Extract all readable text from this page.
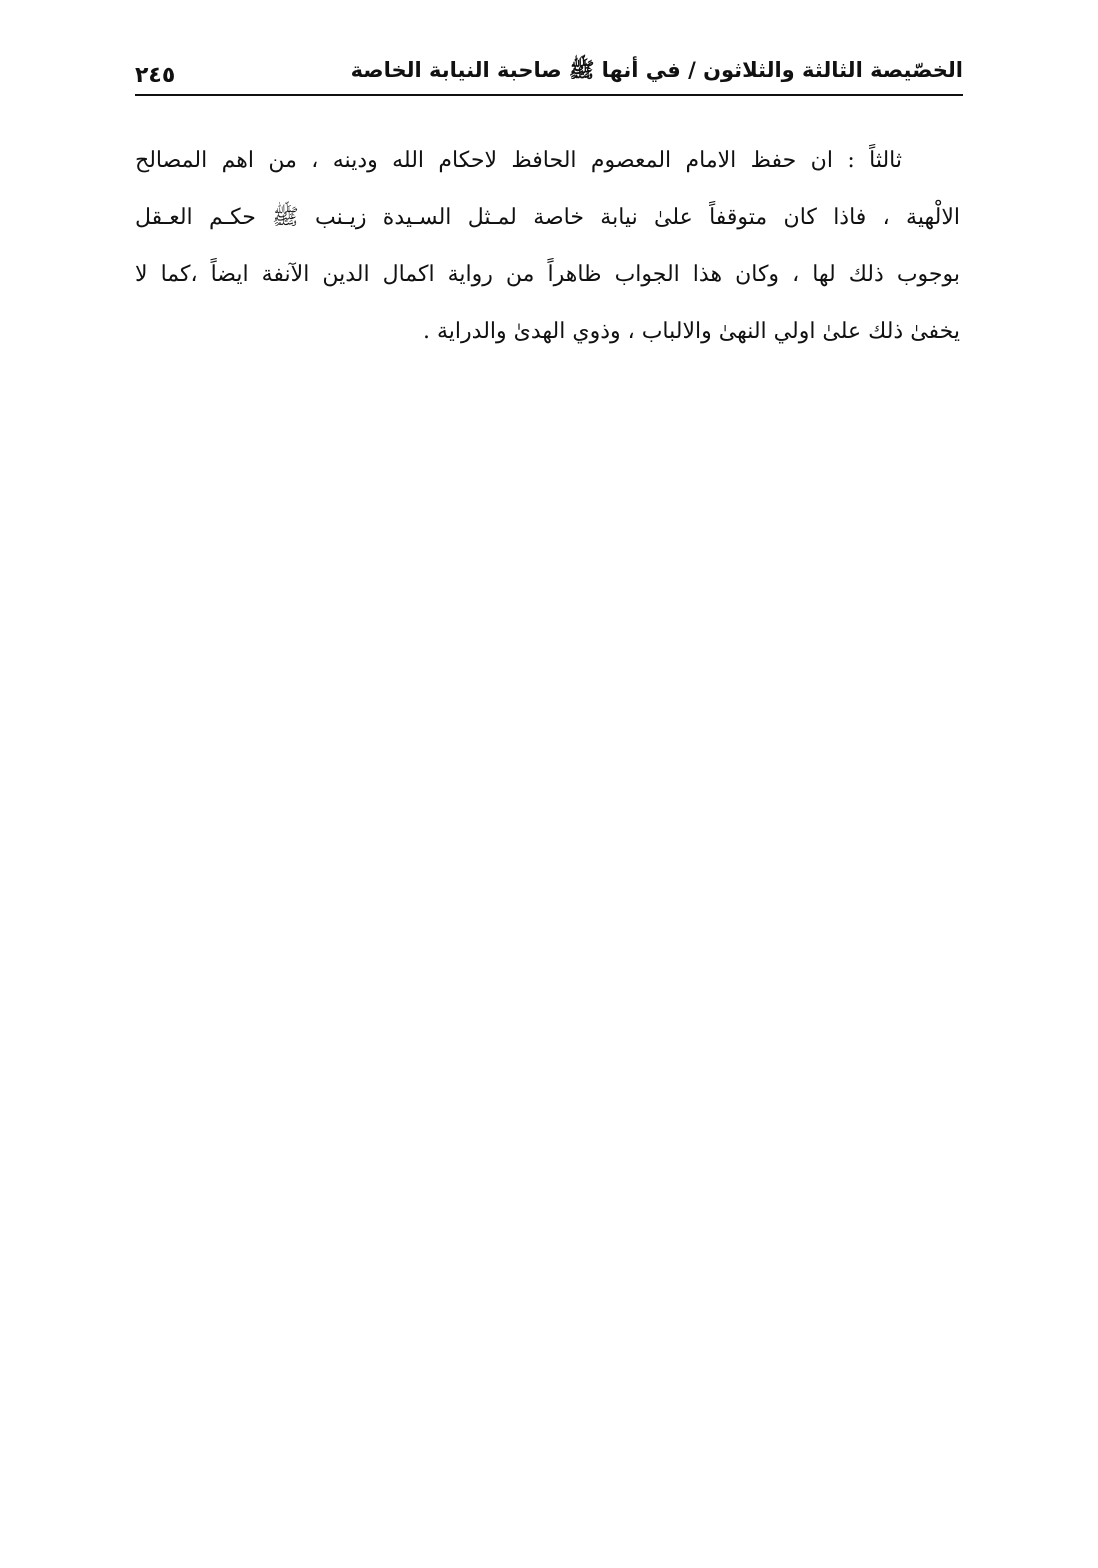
الخصّيصة الثالثة والثلاثون / في أنها ﷺ صاحبة النيابة الخاصة
٢٤٥
ثالثاً : ان حفظ الامام المعصوم الحافظ لاحكام الله ودينه ، من اهم المصالح
الالْهية ، فاذا كان متوقفاً علىٰ نيابة خاصة لمـثل السـيدة زيـنب ﷺ حكـم العـقل
بوجوب ذلك لها ، وكان هذا الجواب ظاهراً من رواية اكمال الدين الآنفة ايضاً ،كما لا
يخفىٰ ذلك علىٰ اولي النهىٰ والالباب ، وذوي الهدىٰ والدراية .
